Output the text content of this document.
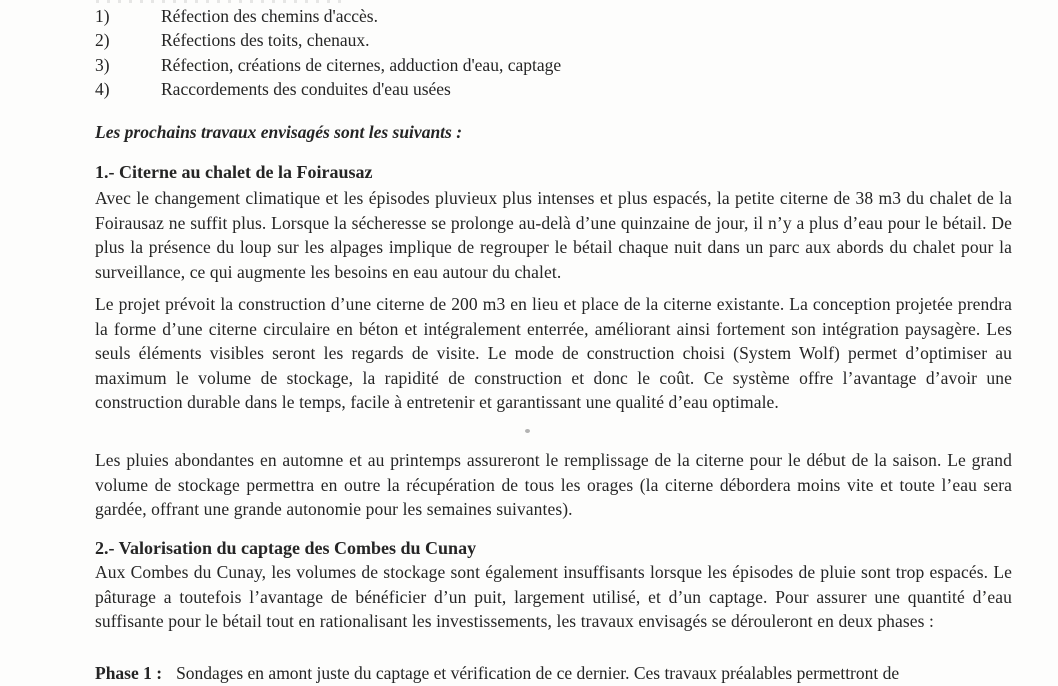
1)	Réfection des chemins d'accès.
2)	Réfections des toits, chenaux.
3)	Réfection, créations de citernes, adduction d'eau, captage
4)	Raccordements des conduites d'eau usées
Les prochains travaux envisagés sont les suivants :
1.- Citerne au chalet de la Foirausaz
Avec le changement climatique et les épisodes pluvieux plus intenses et plus espacés, la petite citerne de 38 m3 du chalet de la Foirausaz ne suffit plus. Lorsque la sécheresse se prolonge au-delà d’une quinzaine de jour, il n’y a plus d’eau pour le bétail. De plus la présence du loup sur les alpages implique de regrouper le bétail chaque nuit dans un parc aux abords du chalet pour la surveillance, ce qui augmente les besoins en eau autour du chalet.
Le projet prévoit la construction d’une citerne de 200 m3 en lieu et place de la citerne existante. La conception projetée prendra la forme d’une citerne circulaire en béton et intégralement enterrée, améliorant ainsi fortement son intégration paysagère. Les seuls éléments visibles seront les regards de visite. Le mode de construction choisi (System Wolf) permet d’optimiser au maximum le volume de stockage, la rapidité de construction et donc le coût. Ce système offre l’avantage d’avoir une construction durable dans le temps, facile à entretenir et garantissant une qualité d’eau optimale.
Les pluies abondantes en automne et au printemps assureront le remplissage de la citerne pour le début de la saison. Le grand volume de stockage permettra en outre la récupération de tous les orages (la citerne débordera moins vite et toute l’eau sera gardée, offrant une grande autonomie pour les semaines suivantes).
2.- Valorisation du captage des Combes du Cunay
Aux Combes du Cunay, les volumes de stockage sont également insuffisants lorsque les épisodes de pluie sont trop espacés. Le pâturage a toutefois l’avantage de bénéficier d’un puit, largement utilisé, et d’un captage. Pour assurer une quantité d’eau suffisante pour le bétail tout en rationalisant les investissements, les travaux envisagés se dérouleront en deux phases :
Phase 1 : Sondages en amont juste du captage et vérification de ce dernier. Ces travaux préalables permettront de
